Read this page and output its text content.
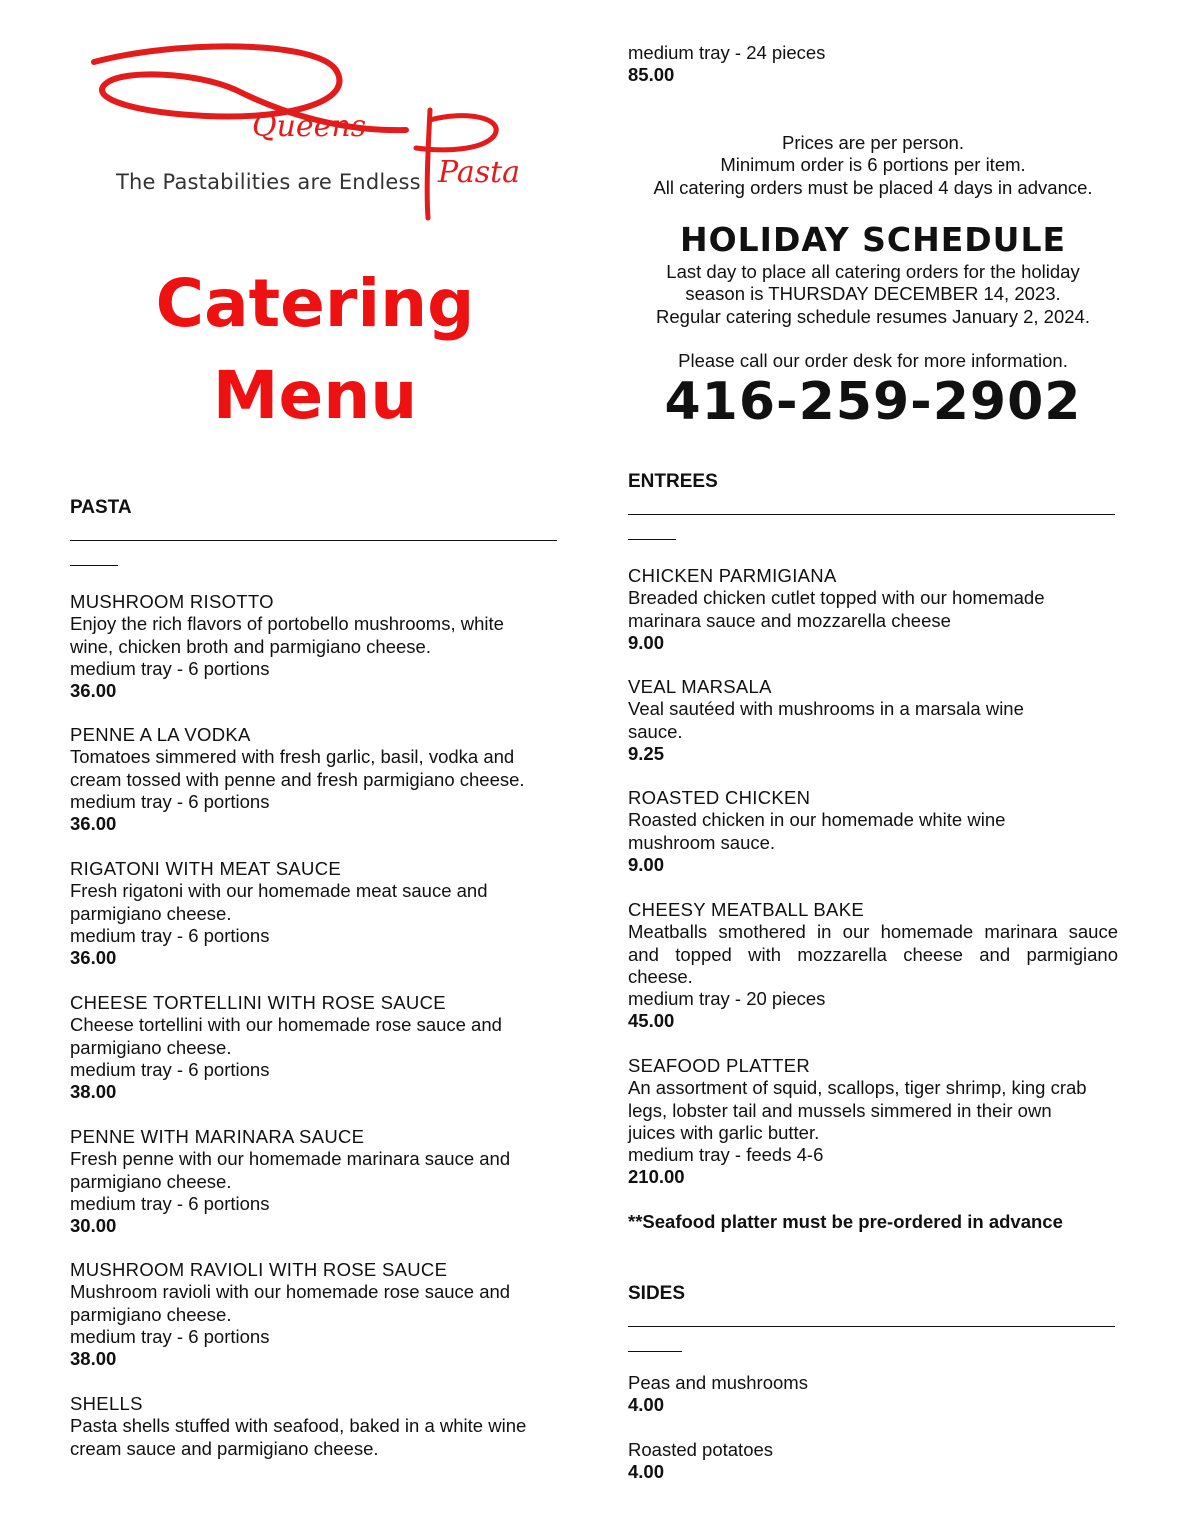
Queens
Pasta
The Pastabilities are Endless
Catering
Menu
PASTA
MUSHROOM RISOTTO
Enjoy the rich flavors of portobello mushrooms, white
wine, chicken broth and parmigiano cheese.
medium tray - 6 portions
36.00
PENNE A LA VODKA
Tomatoes simmered with fresh garlic, basil, vodka and
cream tossed with penne and fresh parmigiano cheese.
medium tray - 6 portions
36.00
RIGATONI WITH MEAT SAUCE
Fresh rigatoni with our homemade meat sauce and
parmigiano cheese.
medium tray - 6 portions
36.00
CHEESE TORTELLINI WITH ROSE SAUCE
Cheese tortellini with our homemade rose sauce and
parmigiano cheese.
medium tray - 6 portions
38.00
PENNE WITH MARINARA SAUCE
Fresh penne with our homemade marinara sauce and
parmigiano cheese.
medium tray - 6 portions
30.00
MUSHROOM RAVIOLI WITH ROSE SAUCE
Mushroom ravioli with our homemade rose sauce and
parmigiano cheese.
medium tray - 6 portions
38.00
SHELLS
Pasta shells stuffed with seafood, baked in a white wine
cream sauce and parmigiano cheese.
medium tray - 24 pieces
85.00
Prices are per person.
Minimum order is 6 portions per item.
All catering orders must be placed 4 days in advance.
HOLIDAY SCHEDULE
Last day to place all catering orders for the holiday
season is THURSDAY DECEMBER 14, 2023.
Regular catering schedule resumes January 2, 2024.
Please call our order desk for more information.
416-259-2902
ENTREES
CHICKEN PARMIGIANA
Breaded chicken cutlet topped with our homemade
marinara sauce and mozzarella cheese
9.00
VEAL MARSALA
Veal sautéed with mushrooms in a marsala wine
sauce.
9.25
ROASTED CHICKEN
Roasted chicken in our homemade white wine
mushroom sauce.
9.00
CHEESY MEATBALL BAKE
Meatballs smothered in our homemade marinara sauce
and topped with mozzarella cheese and parmigiano
cheese.
medium tray - 20 pieces
45.00
SEAFOOD PLATTER
An assortment of squid, scallops, tiger shrimp, king crab
legs, lobster tail and mussels simmered in their own
juices with garlic butter.
medium tray - feeds 4-6
210.00
**Seafood platter must be pre-ordered in advance
SIDES
Peas and mushrooms
4.00
Roasted potatoes
4.00
